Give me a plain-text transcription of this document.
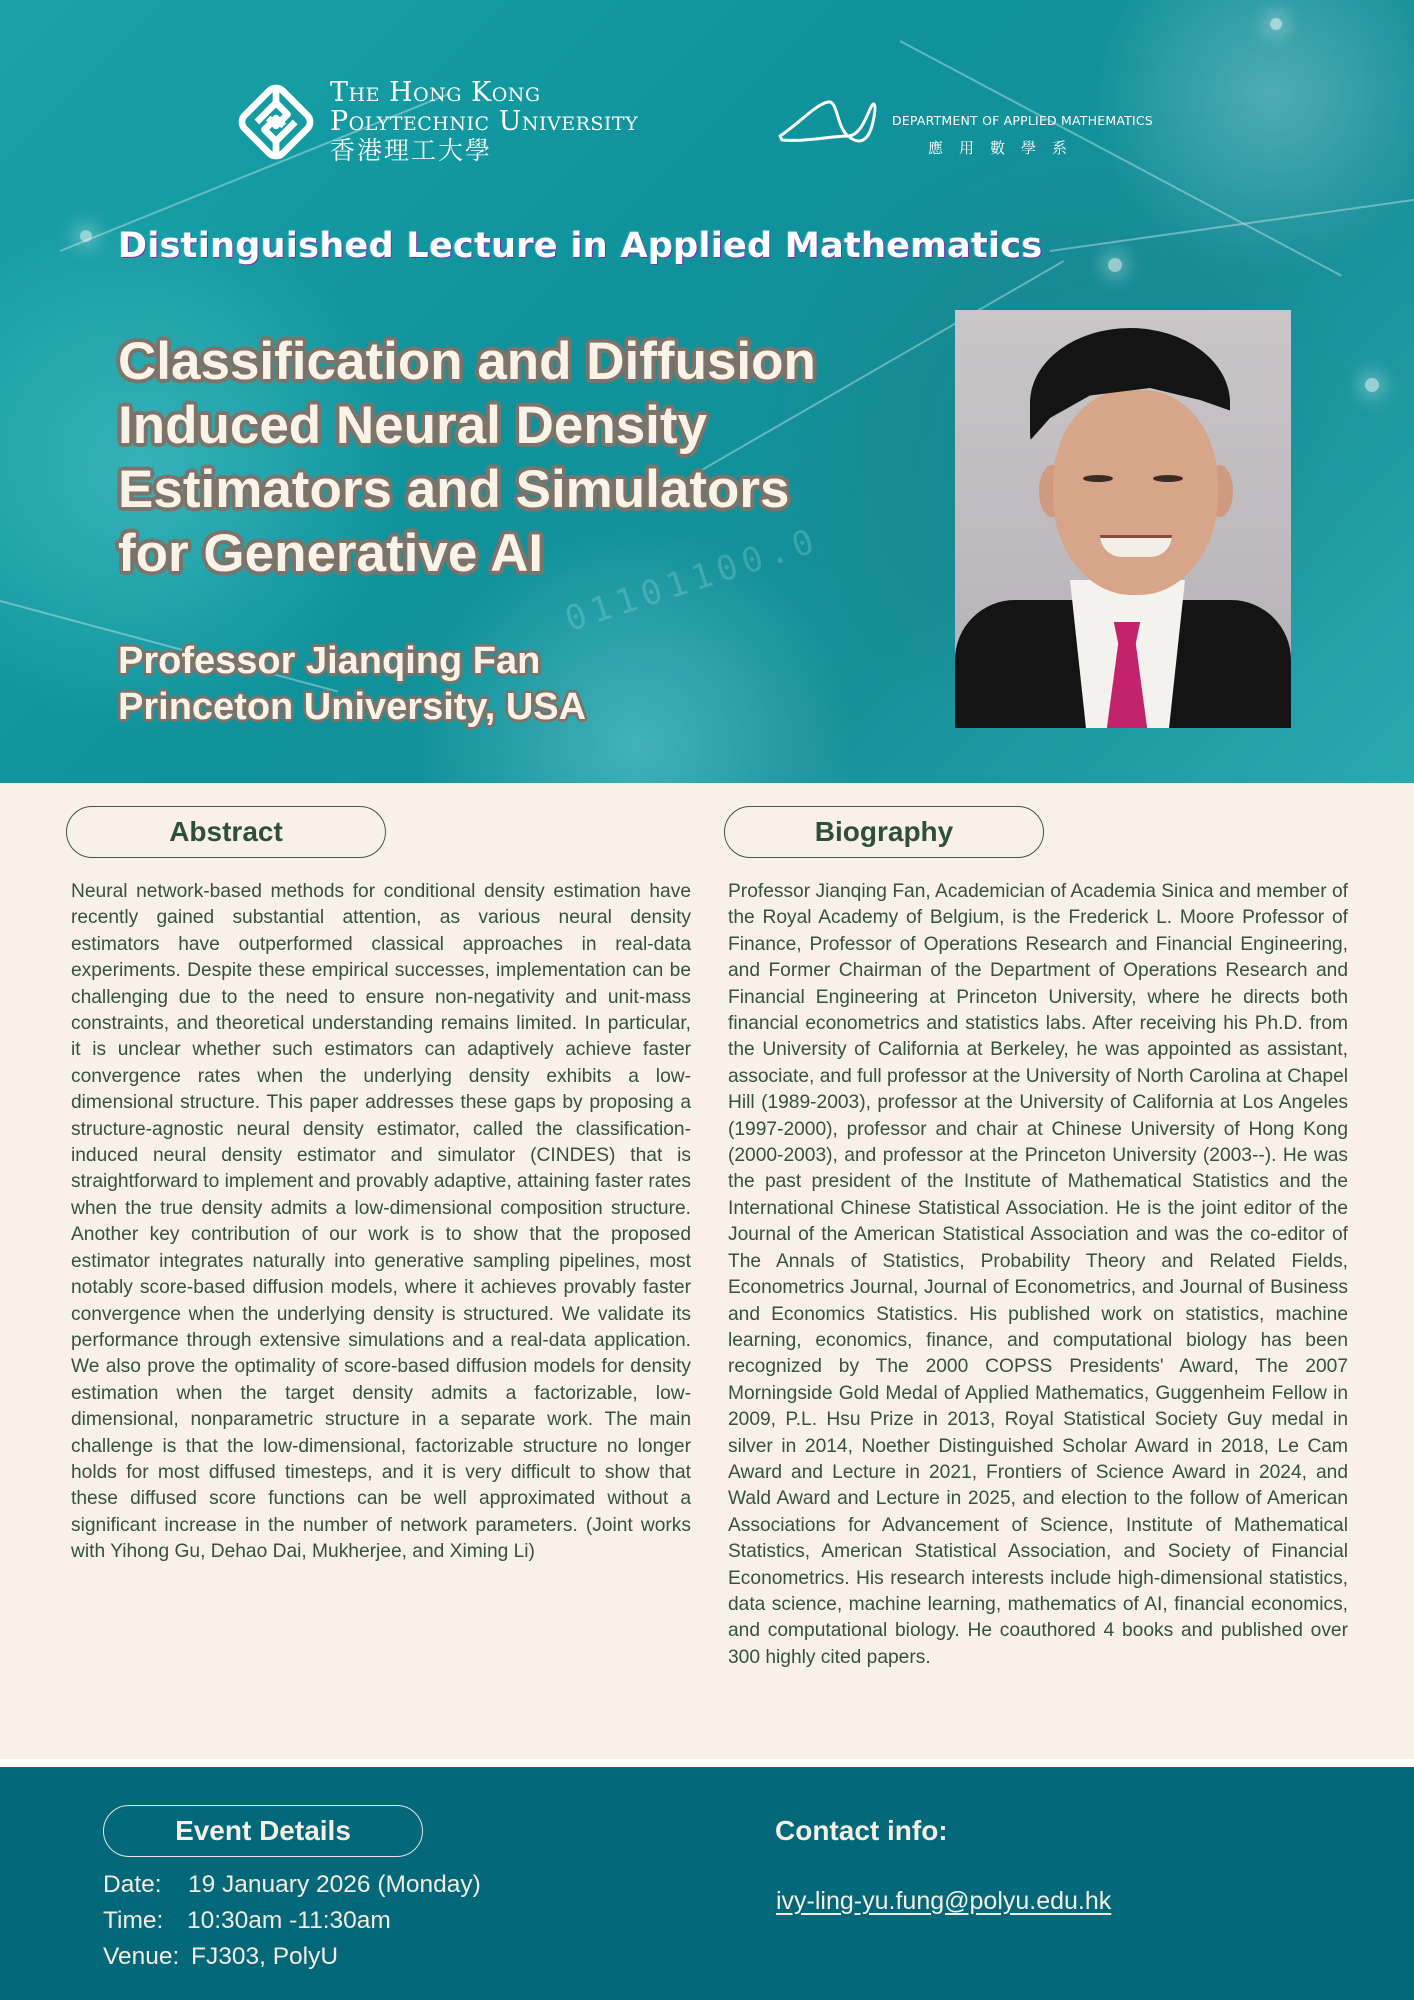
01101100.0
The Hong Kong
Polytechnic University
香港理工大學
DEPARTMENT OF APPLIED MATHEMATICS
應用數學系
Distinguished Lecture in Applied Mathematics
Classification and Diffusion
Induced Neural Density
Estimators and Simulators
for Generative AI
Professor Jianqing Fan
Princeton University, USA
Abstract

Neural network-based methods for conditional density estimation have recently gained substantial attention, as various neural density estimators have outperformed classical approaches in real-data experiments. Despite these empirical successes, implementation can be challenging due to the need to ensure non-negativity and unit-mass constraints, and theoretical understanding remains limited. In particular, it is unclear whether such estimators can adaptively achieve faster convergence rates when the underlying density exhibits a low-dimensional structure. This paper addresses these gaps by proposing a structure-agnostic neural density estimator, called the classification-induced neural density estimator and simulator (CINDES) that is straightforward to implement and provably adaptive, attaining faster rates when the true density admits a low-dimensional composition structure. Another key contribution of our work is to show that the proposed estimator integrates naturally into generative sampling pipelines, most notably score-based diffusion models, where it achieves provably faster convergence when the underlying density is structured. We validate its performance through extensive simulations and a real-data application. We also prove the optimality of score-based diffusion models for density estimation when the target density admits a factorizable, low-dimensional, nonparametric structure in a separate work. The main challenge is that the low-dimensional, factorizable structure no longer holds for most diffused timesteps, and it is very difficult to show that these diffused score functions can be well approximated without a significant increase in the number of network parameters. (Joint works with Yihong Gu, Dehao Dai, Mukherjee, and Ximing Li)

Biography

Professor Jianqing Fan, Academician of Academia Sinica and member of the Royal Academy of Belgium, is the Frederick L. Moore Professor of Finance, Professor of Operations Research and Financial Engineering, and Former Chairman of the Department of Operations Research and Financial Engineering at Princeton University, where he directs both financial econometrics and statistics labs. After receiving his Ph.D. from the University of California at Berkeley, he was appointed as assistant, associate, and full professor at the University of North Carolina at Chapel Hill (1989-2003), professor at the University of California at Los Angeles (1997-2000), professor and chair at Chinese University of Hong Kong (2000-2003), and professor at the Princeton University (2003--). He was the past president of the Institute of Mathematical Statistics and the International Chinese Statistical Association. He is the joint editor of the Journal of the American Statistical Association and was the co-editor of The Annals of Statistics, Probability Theory and Related Fields, Econometrics Journal, Journal of Econometrics, and Journal of Business and Economics Statistics. His published work on statistics, machine learning, economics, finance, and computational biology has been recognized by The 2000 COPSS Presidents' Award, The 2007 Morningside Gold Medal of Applied Mathematics, Guggenheim Fellow in 2009, P.L. Hsu Prize in 2013, Royal Statistical Society Guy medal in silver in 2014, Noether Distinguished Scholar Award in 2018, Le Cam Award and Lecture in 2021, Frontiers of Science Award in 2024, and Wald Award and Lecture in 2025, and election to the follow of American Associations for Advancement of Science, Institute of Mathematical Statistics, American Statistical Association, and Society of Financial Econometrics. His research interests include high-dimensional statistics, data science, machine learning, mathematics of AI, financial economics, and computational biology. He coauthored 4 books and published over 300 highly cited papers.

Event Details
Date: 19 January 2026 (Monday)
Time: 10:30am -11:30am
Venue: FJ303, PolyU
Contact info:
ivy-ling-yu.fung@polyu.edu.hk
